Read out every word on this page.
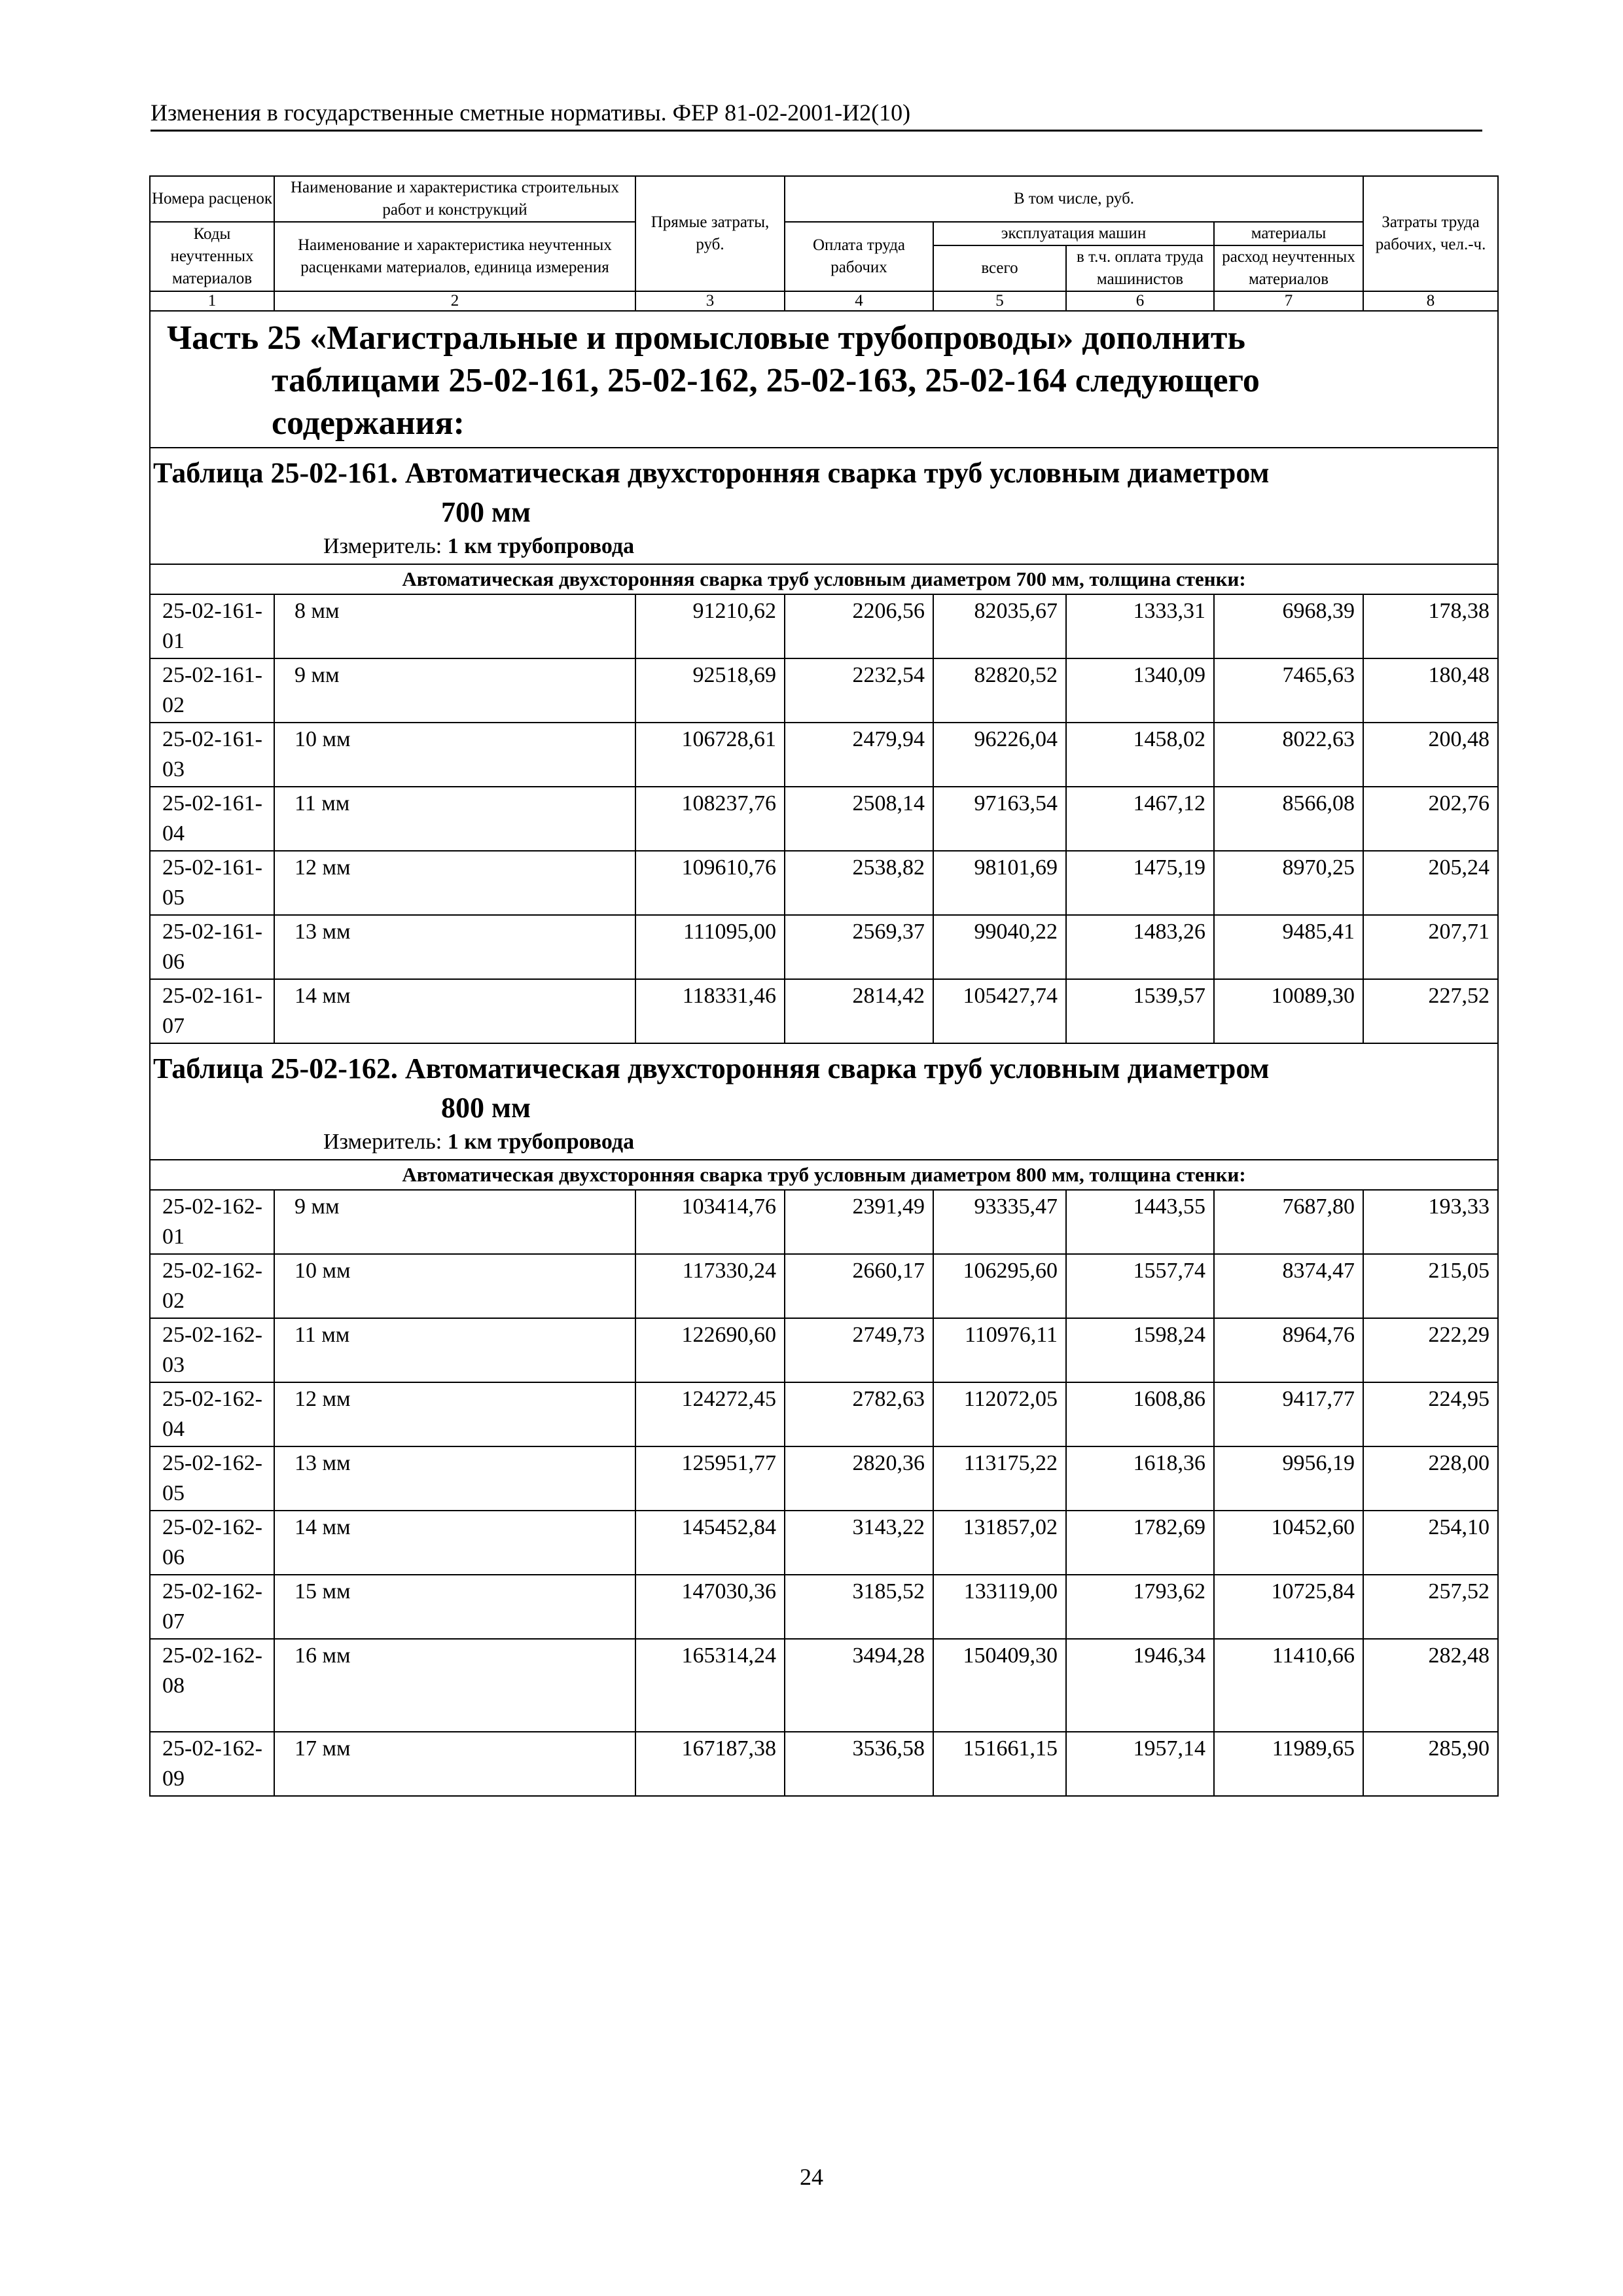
Изменения в государственные сметные нормативы. ФЕР 81-02-2001-И2(10)
Номера расценок	Наименование и характеристика строительных работ и конструкций	Прямые затраты, руб.	В том числе, руб.				Затраты труда рабочих, чел.-ч.
Коды неучтенных материалов	Наименование и характеристика неучтенных расценками материалов, единица измерения		Оплата труда рабочих	эксплуатация машин		материалы	
				всего	в т.ч. оплата труда машинистов	расход неучтенных материалов	
1	2	3	4	5	6	7	8

Часть 25 «Магистральные и промысловые трубопроводы» дополнить
таблицами 25-02-161, 25-02-162, 25-02-163, 25-02-164 следующего
содержания:							

Таблица 25-02-161. Автоматическая двухсторонняя сварка труб условным диаметром
700 мм
Измеритель: 1 км трубопровода							

Автоматическая двухсторонняя сварка труб условным диаметром 700 мм, толщина стенки:							
25-02-161-01	8 мм	91210,62	2206,56	82035,67	1333,31	6968,39	178,38
25-02-161-02	9 мм	92518,69	2232,54	82820,52	1340,09	7465,63	180,48
25-02-161-03	10 мм	106728,61	2479,94	96226,04	1458,02	8022,63	200,48
25-02-161-04	11 мм	108237,76	2508,14	97163,54	1467,12	8566,08	202,76
25-02-161-05	12 мм	109610,76	2538,82	98101,69	1475,19	8970,25	205,24
25-02-161-06	13 мм	111095,00	2569,37	99040,22	1483,26	9485,41	207,71
25-02-161-07	14 мм	118331,46	2814,42	105427,74	1539,57	10089,30	227,52

Таблица 25-02-162. Автоматическая двухсторонняя сварка труб условным диаметром
800 мм
Измеритель: 1 км трубопровода							

Автоматическая двухсторонняя сварка труб условным диаметром 800 мм, толщина стенки:							
25-02-162-01	9 мм	103414,76	2391,49	93335,47	1443,55	7687,80	193,33
25-02-162-02	10 мм	117330,24	2660,17	106295,60	1557,74	8374,47	215,05
25-02-162-03	11 мм	122690,60	2749,73	110976,11	1598,24	8964,76	222,29
25-02-162-04	12 мм	124272,45	2782,63	112072,05	1608,86	9417,77	224,95
25-02-162-05	13 мм	125951,77	2820,36	113175,22	1618,36	9956,19	228,00
25-02-162-06	14 мм	145452,84	3143,22	131857,02	1782,69	10452,60	254,10
25-02-162-07	15 мм	147030,36	3185,52	133119,00	1793,62	10725,84	257,52
25-02-162-08	16 мм	165314,24	3494,28	150409,30	1946,34	11410,66	282,48
25-02-162-09	17 мм	167187,38	3536,58	151661,15	1957,14	11989,65	285,90
24
